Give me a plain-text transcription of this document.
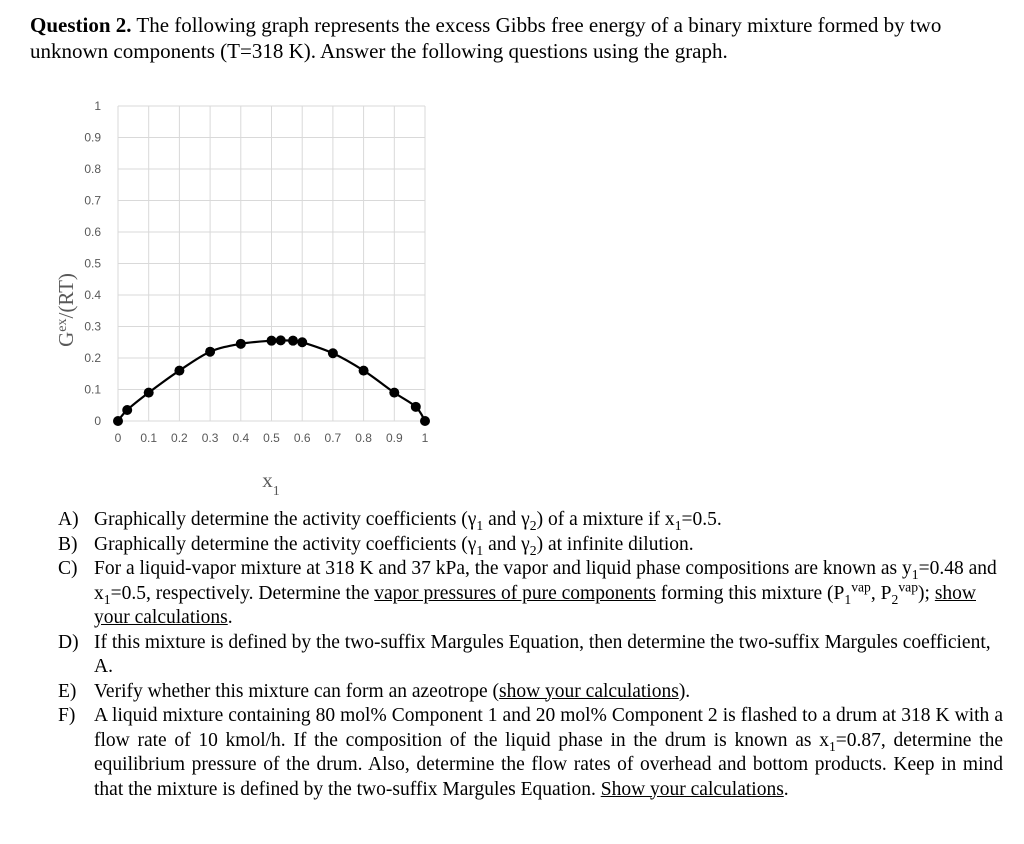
Question 2. The following graph represents the excess Gibbs free energy of a binary mixture formed by two unknown components (T=318 K). Answer the following questions using the graph.
0
0.1
0.2
0.3
0.4
0.5
0.6
0.7
0.8
0.9
1
0 0.1 0.2 0.3 0.4 0.5 0.6 0.7 0.8 0.9 1
$G^{ex}/(RT)$
$x_1$
A) Graphically determine the activity coefficients ($\gamma_1$ and $\gamma_2$) of a mixture if $x_1=0.5$.
B) Graphically determine the activity coefficients ($\gamma_1$ and $\gamma_2$) at infinite dilution.
C) For a liquid-vapor mixture at 318 K and 37 kPa, the vapor and liquid phase compositions are known as $y_1=0.48$ and $x_1=0.5$, respectively. Determine the vapor pressures of pure components forming this mixture ($P_1^{vap}$, $P_2^{vap}$); show your calculations.
D) If this mixture is defined by the two-suffix Margules Equation, then determine the two-suffix Margules coefficient, A.
E) Verify whether this mixture can form an azeotrope (show your calculations).
F) A liquid mixture containing 80 mol% Component 1 and 20 mol% Component 2 is flashed to a drum at 318 K with a flow rate of 10 kmol/h. If the composition of the liquid phase in the drum is known as $x_1=0.87$, determine the equilibrium pressure of the drum. Also, determine the flow rates of overhead and bottom products. Keep in mind that the mixture is defined by the two-suffix Margules Equation. Show your calculations.
